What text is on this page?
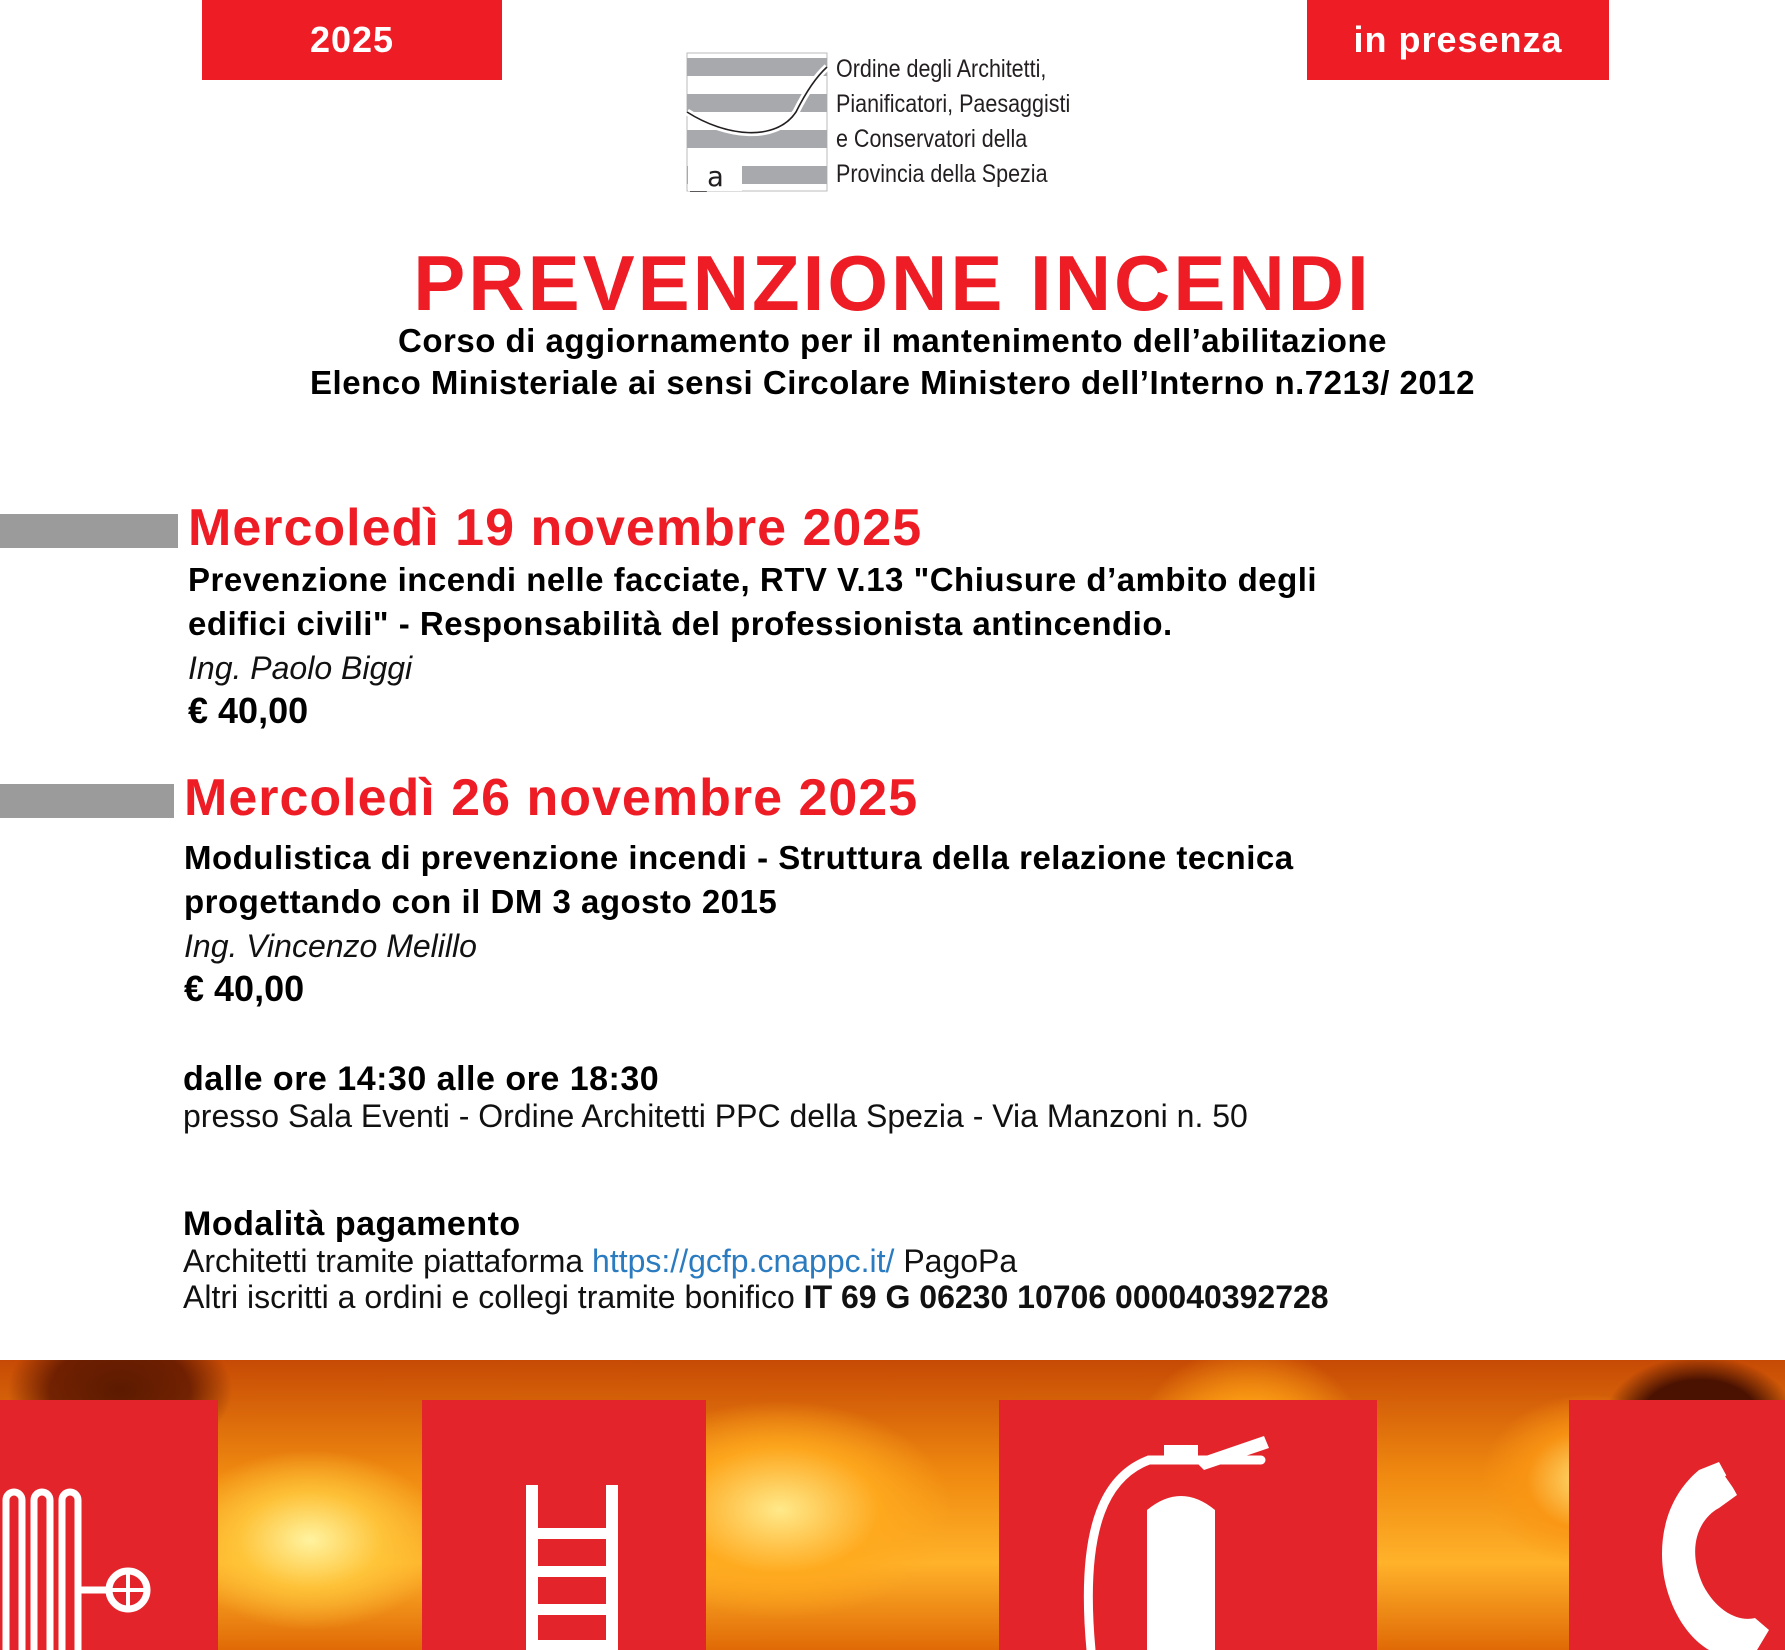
2025	in presenza
_a
Ordine degli Architetti,
Pianificatori, Paesaggisti
e Conservatori della
Provincia della Spezia
PREVENZIONE INCENDI
Corso di aggiornamento per il mantenimento dell’abilitazione
Elenco Ministeriale ai sensi Circolare Ministero dell’Interno n.7213/ 2012
Mercoledì 19 novembre 2025
Prevenzione incendi nelle facciate, RTV V.13 "Chiusure d’ambito degli
edifici civili" - Responsabilità del professionista antincendio.
Ing. Paolo Biggi
€ 40,00
Mercoledì 26 novembre 2025
Modulistica di prevenzione incendi - Struttura della relazione tecnica
progettando con il DM 3 agosto 2015
Ing. Vincenzo Melillo
€ 40,00
dalle ore 14:30 alle ore 18:30
presso Sala Eventi - Ordine Architetti PPC della Spezia - Via Manzoni n. 50
Modalità pagamento
Architetti tramite piattaforma https://gcfp.cnappc.it/ PagoPa
Altri iscritti a ordini e collegi tramite bonifico IT 69 G 06230 10706 000040392728
